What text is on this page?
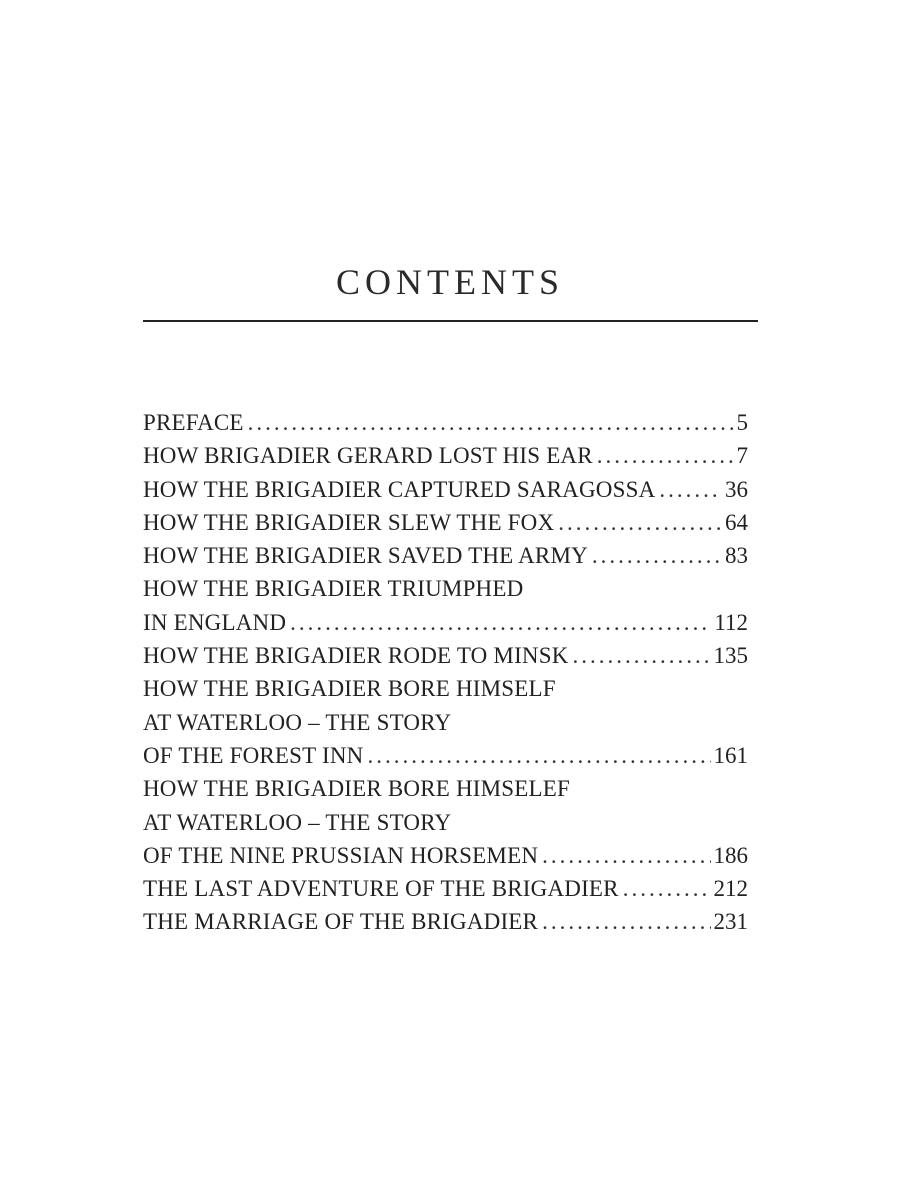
CONTENTS
PREFACE .....	5
HOW BRIGADIER GERARD LOST HIS EAR .....	7
HOW THE BRIGADIER CAPTURED SARAGOSSA .....	36
HOW THE BRIGADIER SLEW THE FOX .....	64
HOW THE BRIGADIER SAVED THE ARMY .....	83
HOW THE BRIGADIER TRIUMPHED
IN ENGLAND .....	112
HOW THE BRIGADIER RODE TO MINSK .....	135
HOW THE BRIGADIER BORE HIMSELF
AT WATERLOO – THE STORY
OF THE FOREST INN .....	161
HOW THE BRIGADIER BORE HIMSELEF
AT WATERLOO – THE STORY
OF THE NINE PRUSSIAN HORSEMEN .....	186
THE LAST ADVENTURE OF THE BRIGADIER .....	212
THE MARRIAGE OF THE BRIGADIER .....	231
